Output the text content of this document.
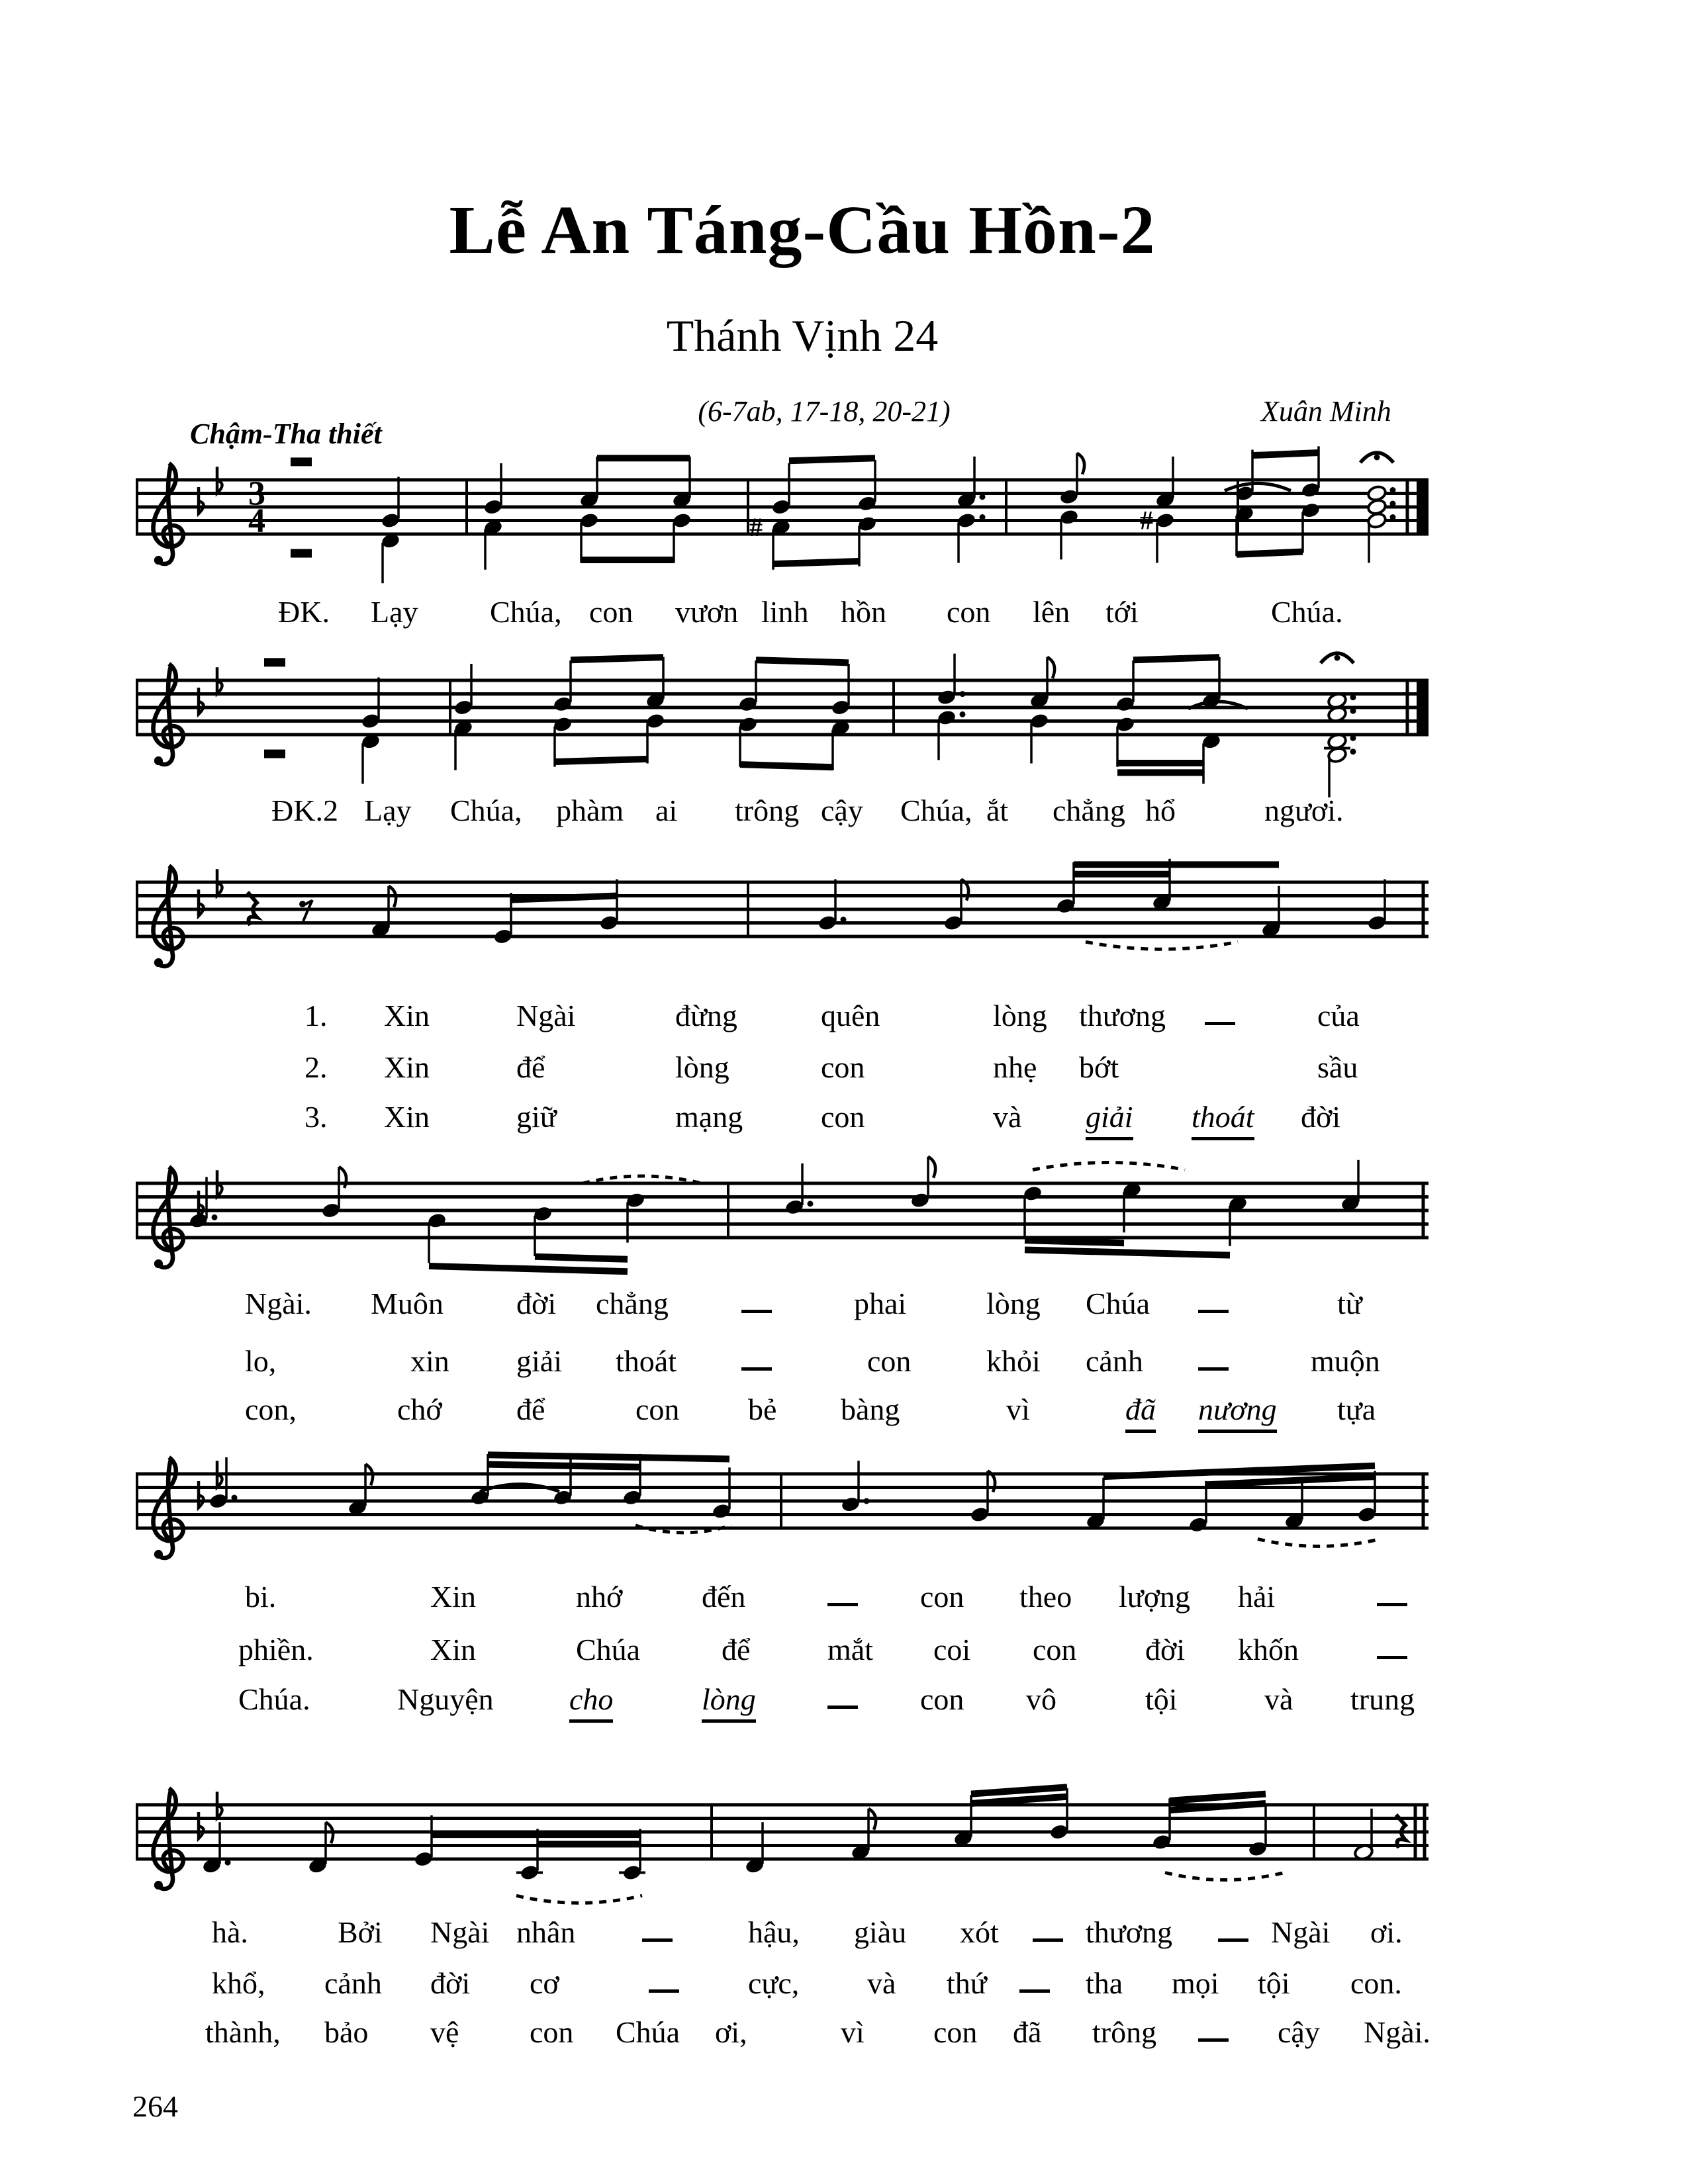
Lễ An Táng-Cầu Hồn-2
Thánh Vịnh 24
(6-7ab, 17-18, 20-21)	Xuân Minh
Chậm-Tha thiết
3
4	#	#
ĐK. Lạy Chúa, con vươn linh hồn con lên tới	Chúa.
ĐK.2 Lạy Chúa, phàm ai trông cậy Chúa, ắt chẳng hổ	ngươi.
1. Xin	Ngài	đừng	quên	lòng thương	của
2. Xin	để	lòng	con	nhẹ bớt	sầu
3. Xin	giữ	mạng	con	và giải thoát đời
Ngài. Muôn đời chẳng	phai	lòng Chúa	từ
lo,	xin giải thoát	con khỏi cảnh	muộn
con,	chớ để	con bẻ bàng	vì	đã nương tựa
bi.	Xin	nhớ	đến	con theo lượng hải
phiền.	Xin	Chúa	để	mắt coi con đời khốn
Chúa.	Nguyện cho	lòng	con vô	tội	và trung
hà.	Bởi Ngài nhân	hậu, giàu xót	thương	Ngài ơi.
khổ, cảnh đời cơ	cực, và thứ	tha mọi tội con.
thành, bảo vệ con Chúa ơi,	vì con đã trông	cậy Ngài.
264
